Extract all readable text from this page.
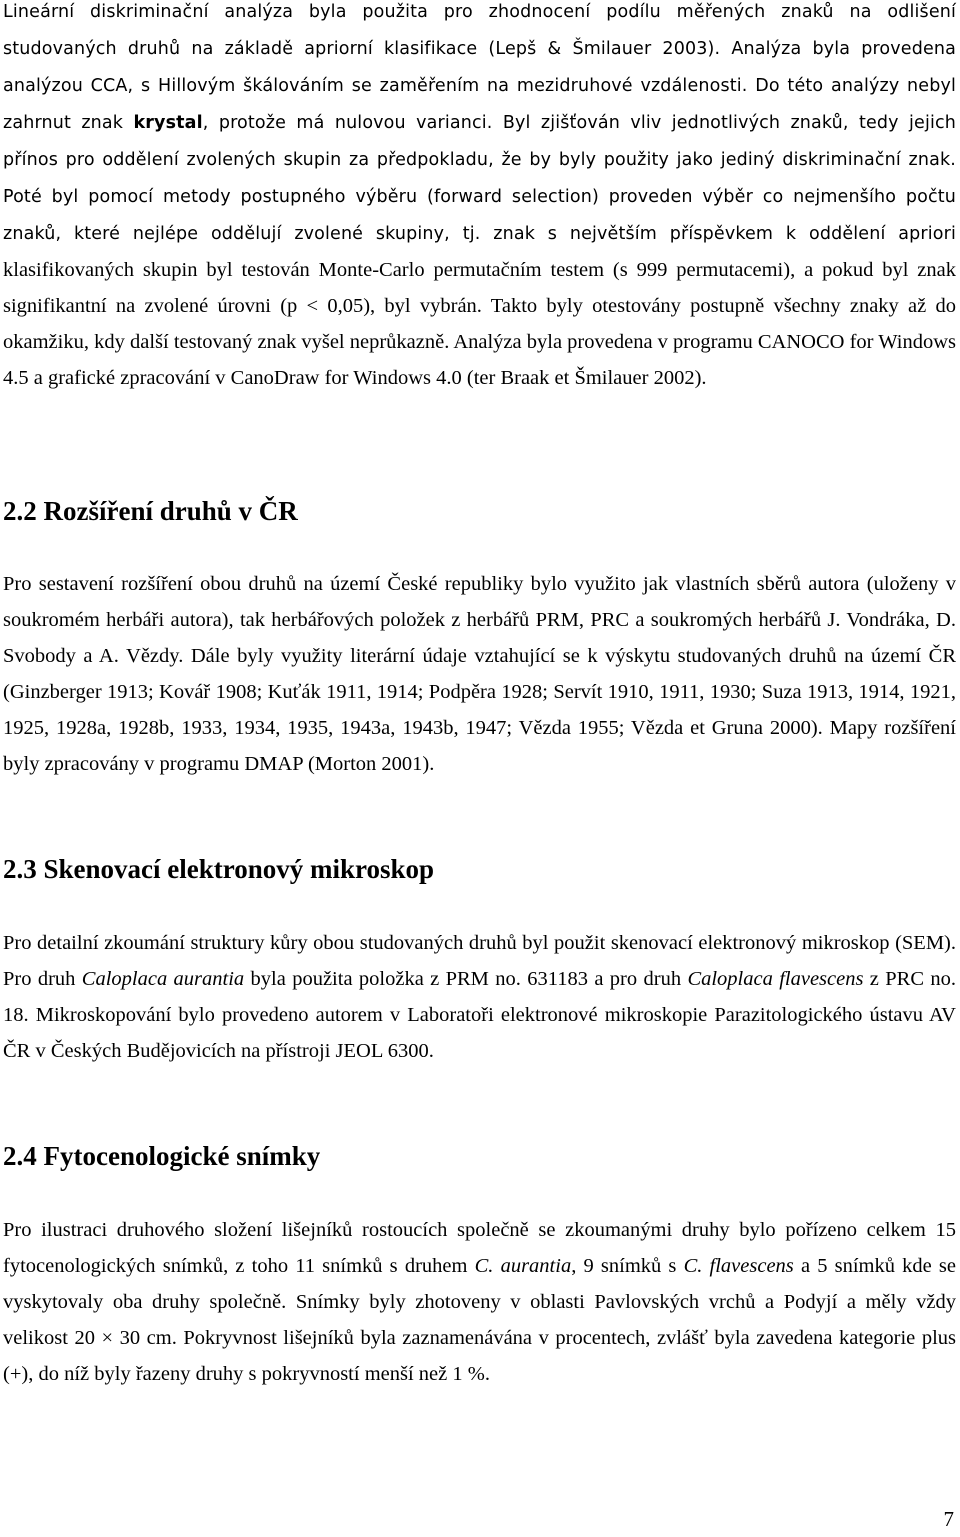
Lineární diskriminační analýza byla použita pro zhodnocení podílu měřených znaků na odlišení studovaných druhů na základě apriorní klasifikace (Lepš & Šmilauer 2003). Analýza byla provedena analýzou CCA, s Hillovým škálováním se zaměřením na mezidruhové vzdálenosti. Do této analýzy nebyl zahrnut znak krystal, protože má nulovou varianci. Byl zjišťován vliv jednotlivých znaků, tedy jejich přínos pro oddělení zvolených skupin za předpokladu, že by byly použity jako jediný diskriminační znak. Poté byl pomocí metody postupného výběru (forward selection) proveden výběr co nejmenšího počtu znaků, které nejlépe oddělují zvolené skupiny, tj. znak s největším příspěvkem k oddělení apriori klasifikovaných skupin byl testován Monte-Carlo permutačním testem (s 999 permutacemi), a pokud byl znak signifikantní na zvolené úrovni (p < 0,05), byl vybrán. Takto byly otestovány postupně všechny znaky až do okamžiku, kdy další testovaný znak vyšel neprůkazně. Analýza byla provedena v programu CANOCO for Windows 4.5 a grafické zpracování v CanoDraw for Windows 4.0 (ter Braak et Šmilauer 2002).

2.2 Rozšíření druhů v ČR

Pro sestavení rozšíření obou druhů na území České republiky bylo využito jak vlastních sběrů autora (uloženy v soukromém herbáři autora), tak herbářových položek z herbářů PRM, PRC a soukromých herbářů J. Vondráka, D. Svobody a A. Vězdy. Dále byly využity literární údaje vztahující se k výskytu studovaných druhů na území ČR (Ginzberger 1913; Kovář 1908; Kuťák 1911, 1914; Podpěra 1928; Servít 1910, 1911, 1930; Suza 1913, 1914, 1921, 1925, 1928a, 1928b, 1933, 1934, 1935, 1943a, 1943b, 1947; Vězda 1955; Vězda et Gruna 2000). Mapy rozšíření byly zpracovány v programu DMAP (Morton 2001).

2.3 Skenovací elektronový mikroskop

Pro detailní zkoumání struktury kůry obou studovaných druhů byl použit skenovací elektronový mikroskop (SEM). Pro druh Caloplaca aurantia byla použita položka z PRM no. 631183 a pro druh Caloplaca flavescens z PRC no. 18. Mikroskopování bylo provedeno autorem v Laboratoři elektronové mikroskopie Parazitologického ústavu AV ČR v Českých Budějovicích na přístroji JEOL 6300.

2.4 Fytocenologické snímky

Pro ilustraci druhového složení lišejníků rostoucích společně se zkoumanými druhy bylo pořízeno celkem 15 fytocenologických snímků, z toho 11 snímků s druhem C. aurantia, 9 snímků s C. flavescens a 5 snímků kde se vyskytovaly oba druhy společně. Snímky byly zhotoveny v oblasti Pavlovských vrchů a Podyjí a měly vždy velikost 20 × 30 cm. Pokryvnost lišejníků byla zaznamenávána v procentech, zvlášť byla zavedena kategorie plus (+), do níž byly řazeny druhy s pokryvností menší než 1 %.

7
